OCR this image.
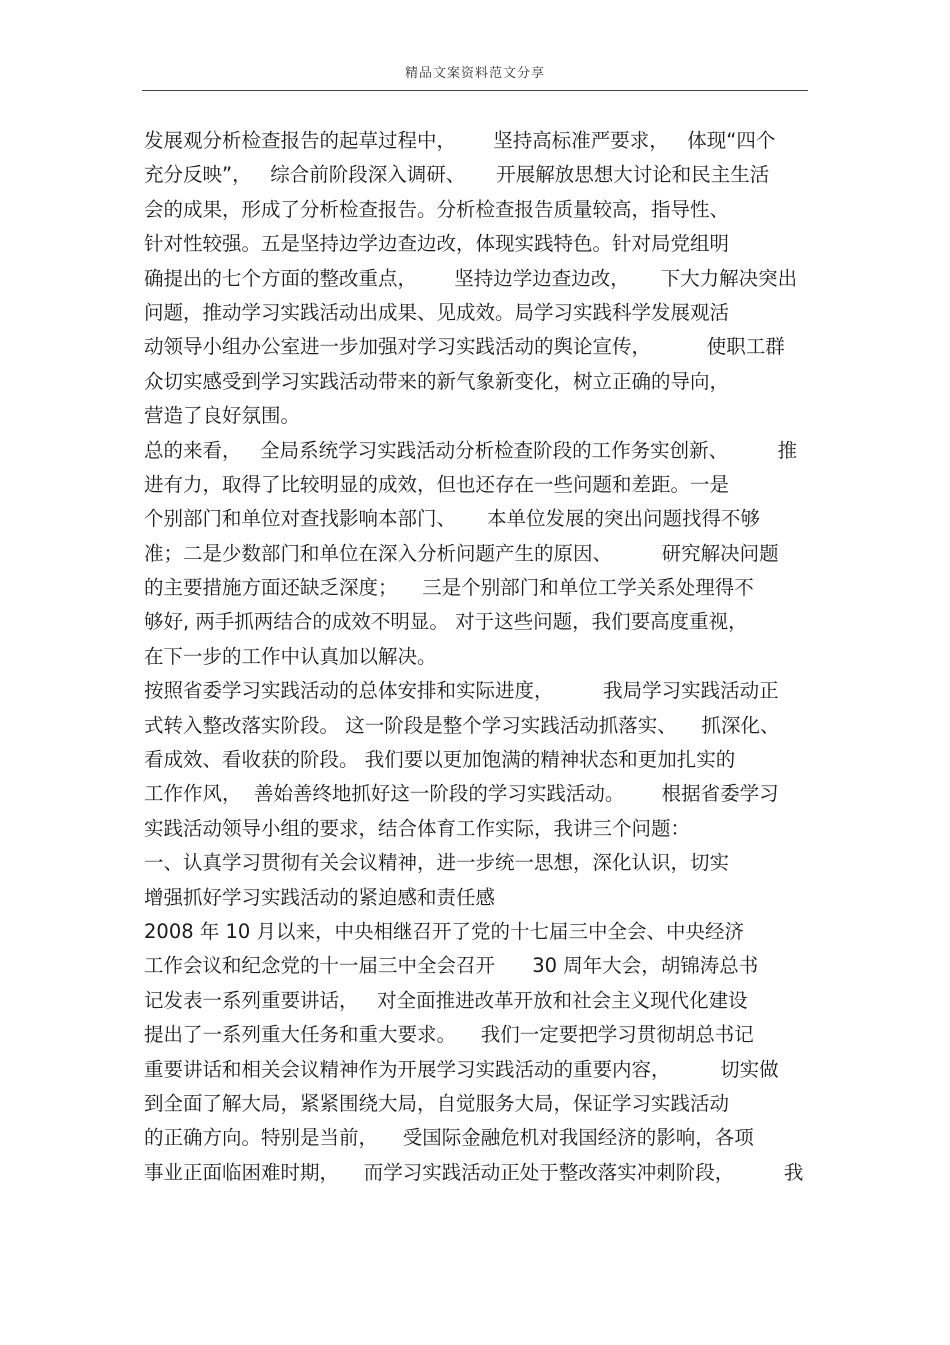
精品文案资料范文分享
发展观分析检查报告的起草过程中，      坚持高标准严要求，   体现“四个
充分反映”，   综合前阶段深入调研、     开展解放思想大讨论和民主生活
会的成果，形成了分析检查报告。分析检查报告质量较高，指导性、
针对性较强。五是坚持边学边查边改，体现实践特色。针对局党组明
确提出的七个方面的整改重点，      坚持边学边查边改，     下大力解决突出
问题，推动学习实践活动出成果、见成效。局学习实践科学发展观活
动领导小组办公室进一步加强对学习实践活动的舆论宣传，         使职工群
众切实感受到学习实践活动带来的新气象新变化，树立正确的导向，
营造了良好氛围。
总的来看，   全局系统学习实践活动分析检查阶段的工作务实创新、        推
进有力，取得了比较明显的成效，但也还存在一些问题和差距。一是
个别部门和单位对查找影响本部门、     本单位发展的突出问题找得不够
准；二是少数部门和单位在深入分析问题产生的原因、        研究解决问题
的主要措施方面还缺乏深度；    三是个别部门和单位工学关系处理得不
够好, 两手抓两结合的成效不明显。 对于这些问题，我们要高度重视，
在下一步的工作中认真加以解决。
按照省委学习实践活动的总体安排和实际进度，        我局学习实践活动正
式转入整改落实阶段。 这一阶段是整个学习实践活动抓落实、    抓深化、
看成效、看收获的阶段。 我们要以更加饱满的精神状态和更加扎实的
工作作风，  善始善终地抓好这一阶段的学习实践活动。      根据省委学习
实践活动领导小组的要求，结合体育工作实际，我讲三个问题：
一、认真学习贯彻有关会议精神，进一步统一思想，深化认识，切实
增强抓好学习实践活动的紧迫感和责任感
2008 年 10 月以来，中央相继召开了党的十七届三中全会、中央经济
工作会议和纪念党的十一届三中全会召开      30 周年大会，胡锦涛总书
记发表一系列重要讲话，   对全面推进改革开放和社会主义现代化建设
提出了一系列重大任务和重大要求。    我们一定要把学习贯彻胡总书记
重要讲话和相关会议精神作为开展学习实践活动的重要内容，        切实做
到全面了解大局，紧紧围绕大局，自觉服务大局，保证学习实践活动
的正确方向。特别是当前，    受国际金融危机对我国经济的影响，各项
事业正面临困难时期，    而学习实践活动正处于整改落实冲刺阶段，        我
